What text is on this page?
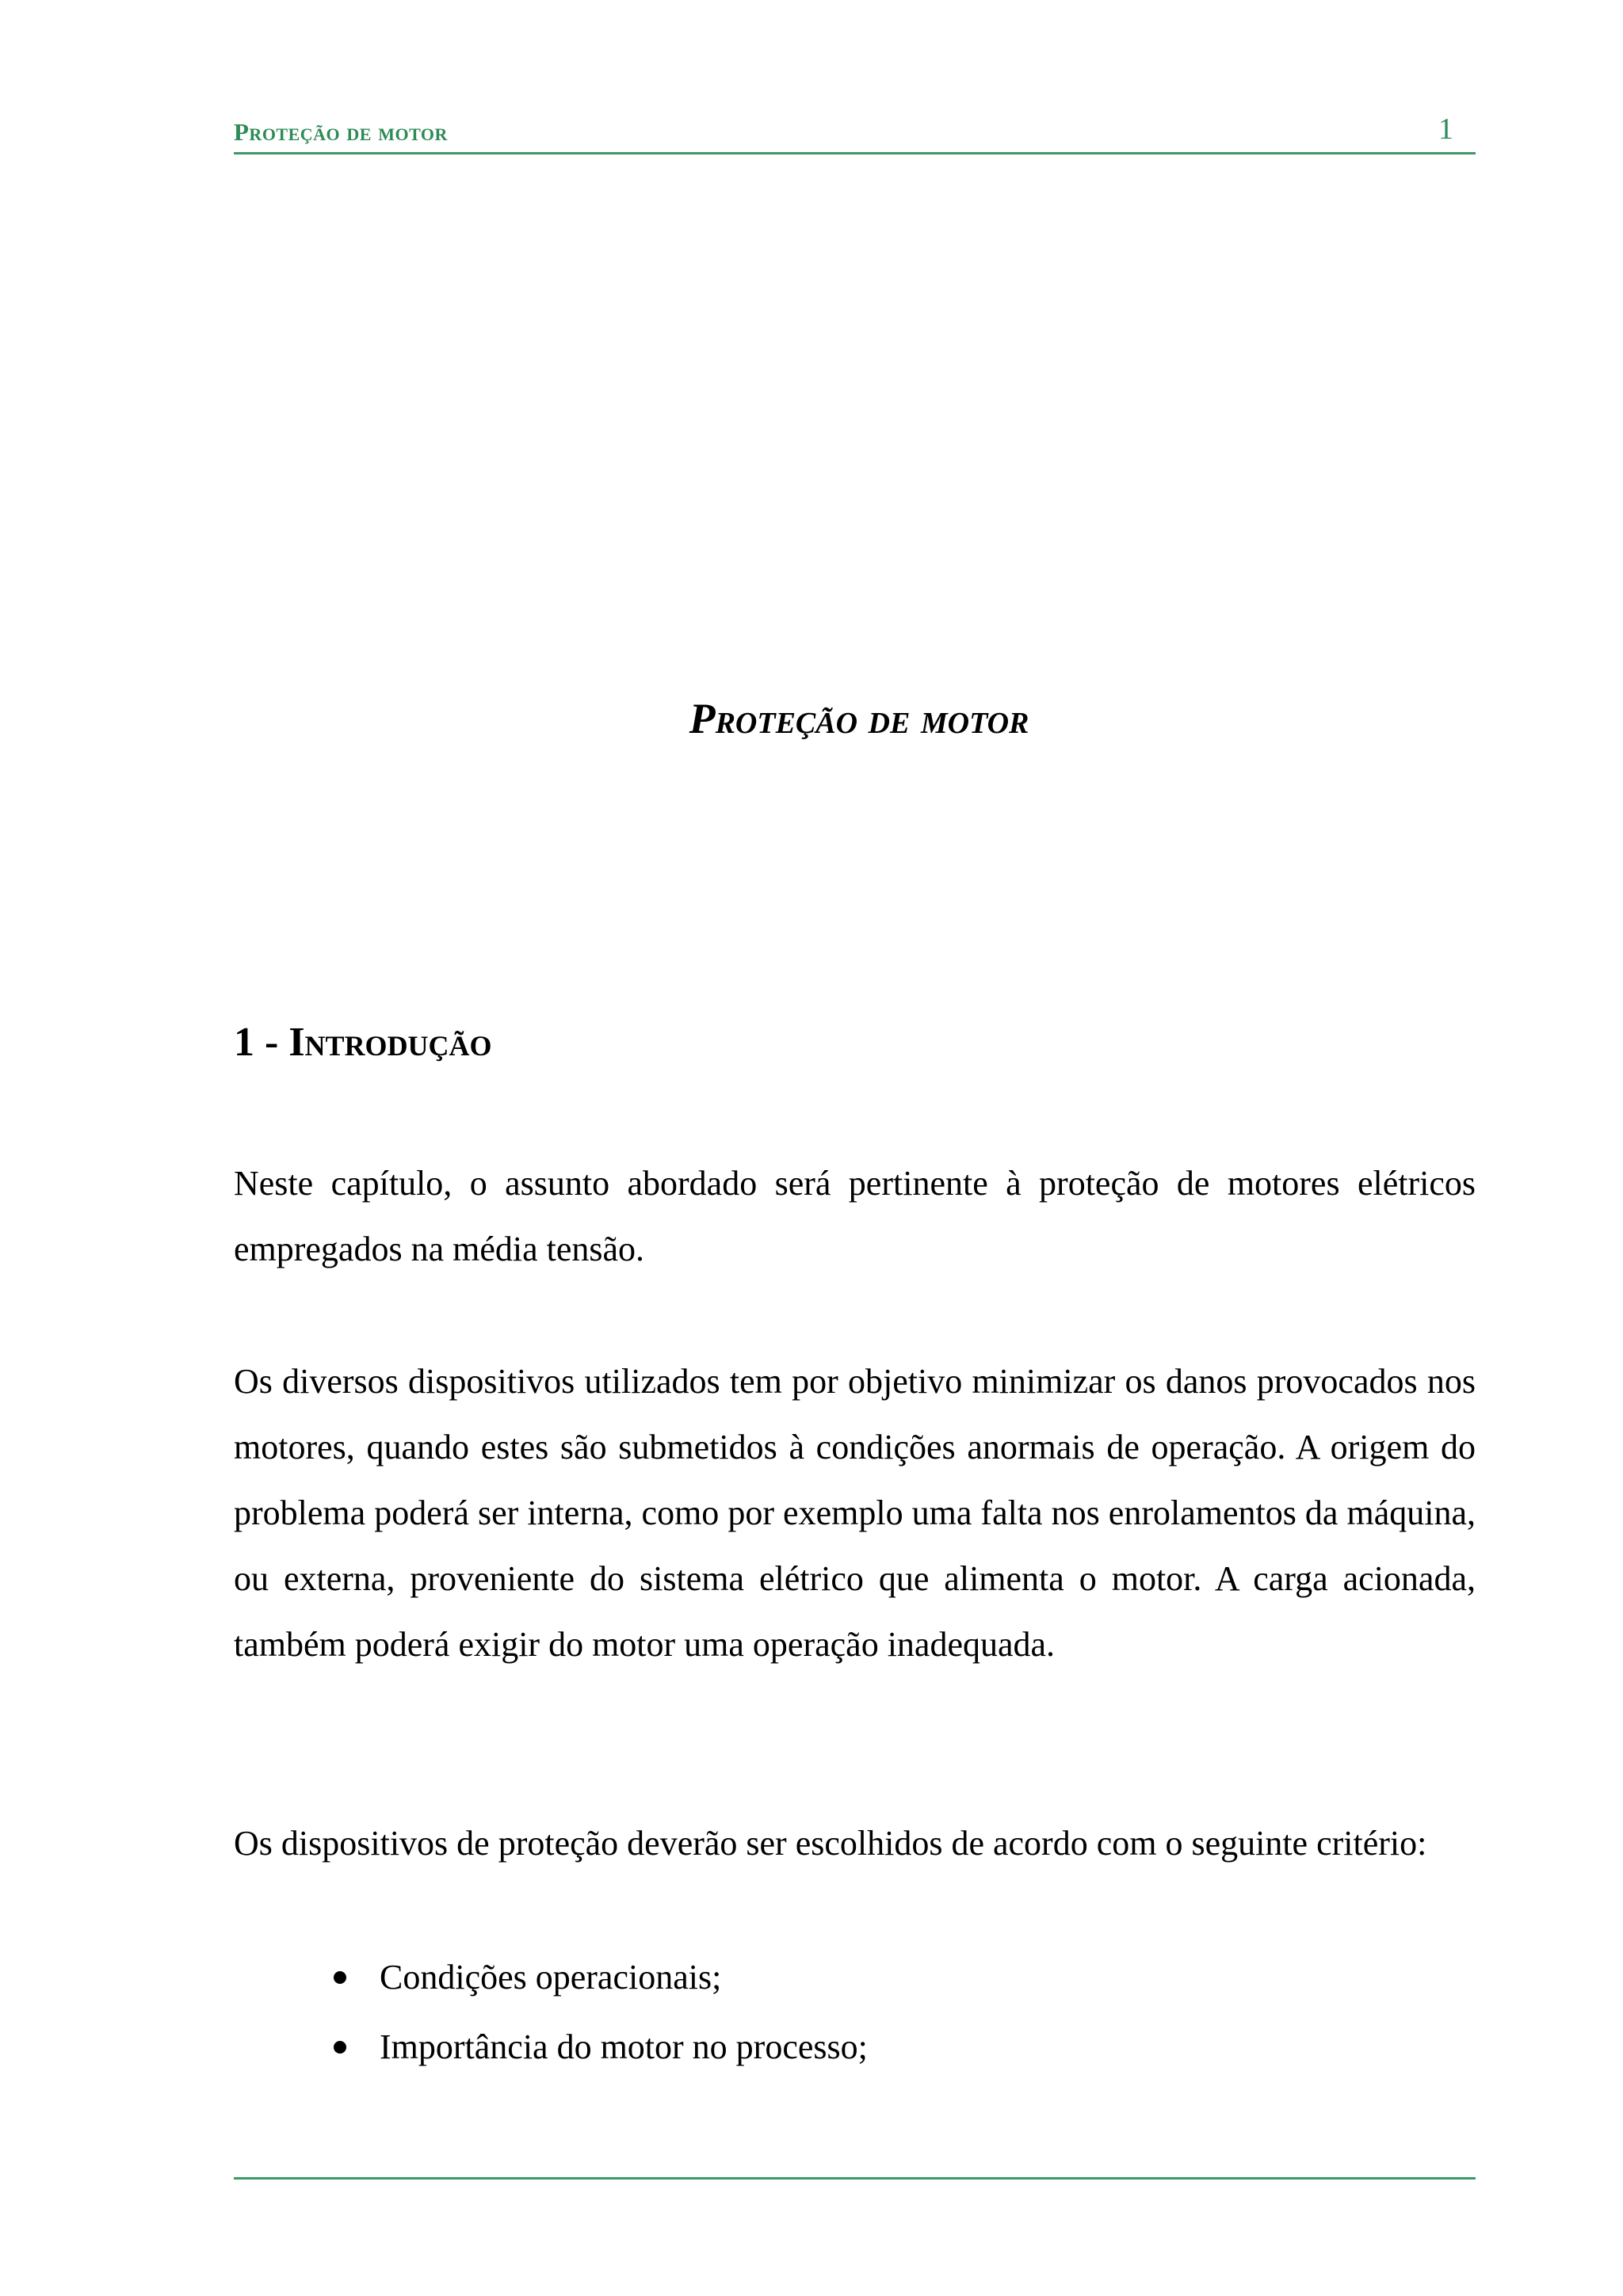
Proteção de motor	1
Proteção de motor
1 - Introdução

Neste capítulo, o assunto abordado será pertinente à proteção de motores elétricos empregados na média tensão.

Os diversos dispositivos utilizados tem por objetivo minimizar os danos provocados nos motores, quando estes são submetidos à condições anormais de operação. A origem do problema poderá ser interna, como por exemplo uma falta nos enrolamentos da máquina, ou externa, proveniente do sistema elétrico que alimenta o motor. A carga acionada, também poderá exigir do motor uma operação inadequada.

Os dispositivos de proteção deverão ser escolhidos de acordo com o seguinte critério:

Condições operacionais;
Importância do motor no processo;
